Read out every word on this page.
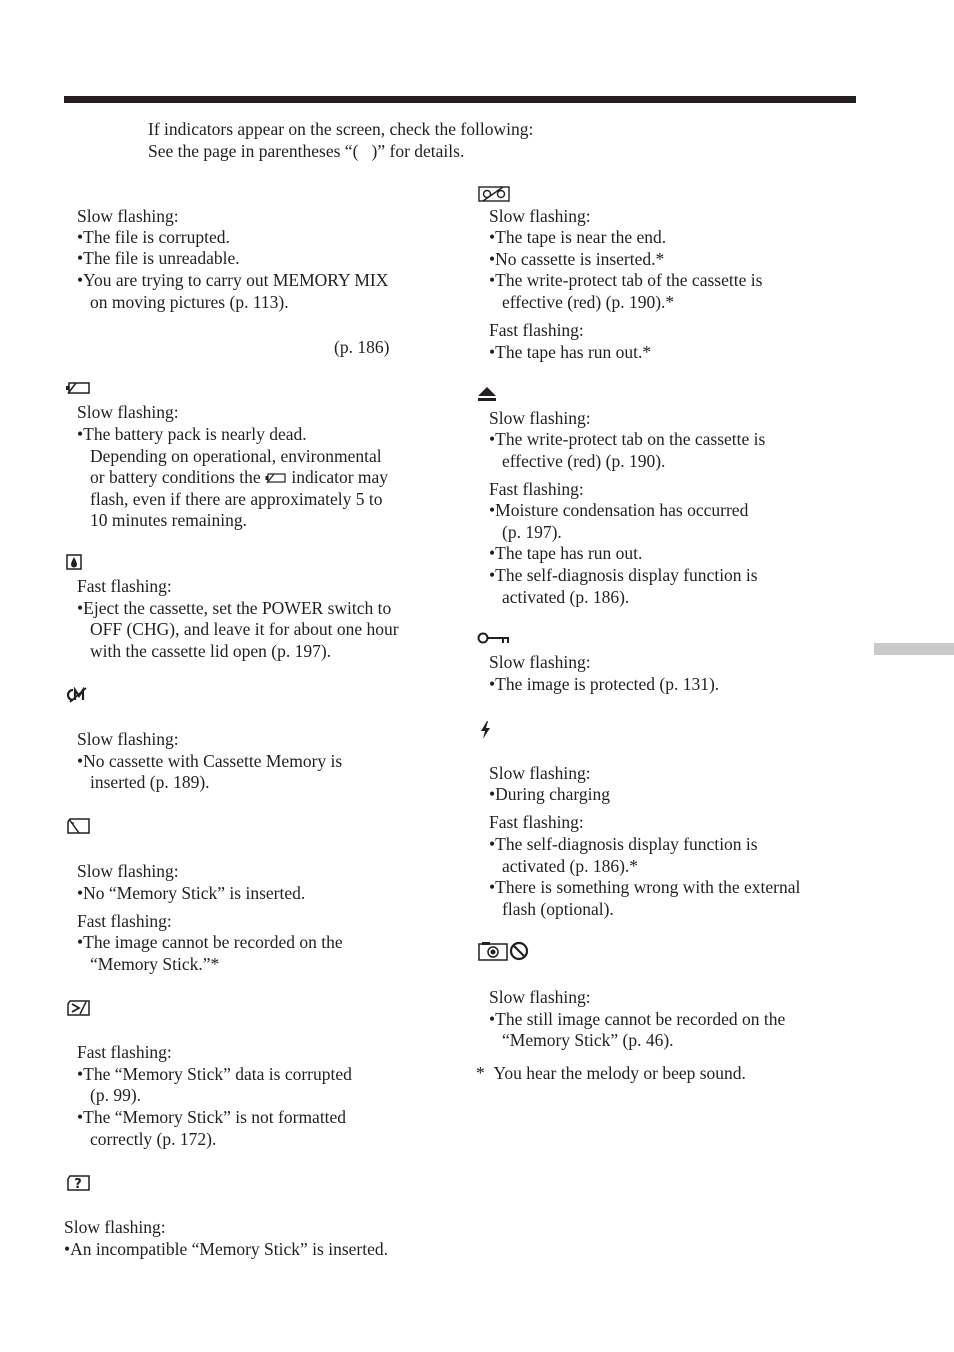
If indicators appear on the screen, check the following:
See the page in parentheses “(   )” for details.
Slow flashing:
•The file is corrupted.
•The file is unreadable.
•You are trying to carry out MEMORY MIX
on moving pictures (p. 113).
(p. 186)
Slow flashing:
•The battery pack is nearly dead.
Depending on operational, environmental
or battery conditions the indicator may
flash, even if there are approximately 5 to
10 minutes remaining.
Fast flashing:
•Eject the cassette, set the POWER switch to
OFF (CHG), and leave it for about one hour
with the cassette lid open (p. 197).
Slow flashing:
•No cassette with Cassette Memory is
inserted (p. 189).
Slow flashing:
•No “Memory Stick” is inserted.
Fast flashing:
•The image cannot be recorded on the
“Memory Stick.”*
Fast flashing:
•The “Memory Stick” data is corrupted
(p. 99).
•The “Memory Stick” is not formatted
correctly (p. 172).
?
Slow flashing:
•An incompatible “Memory Stick” is inserted.
Slow flashing:
•The tape is near the end.
•No cassette is inserted.*
•The write-protect tab of the cassette is
effective (red) (p. 190).*
Fast flashing:
•The tape has run out.*
Slow flashing:
•The write-protect tab on the cassette is
effective (red) (p. 190).
Fast flashing:
•Moisture condensation has occurred
(p. 197).
•The tape has run out.
•The self-diagnosis display function is
activated (p. 186).
Slow flashing:
•The image is protected (p. 131).
Slow flashing:
•During charging
Fast flashing:
•The self-diagnosis display function is
activated (p. 186).*
•There is something wrong with the external
flash (optional).
Slow flashing:
•The still image cannot be recorded on the
“Memory Stick” (p. 46).
*  You hear the melody or beep sound.
